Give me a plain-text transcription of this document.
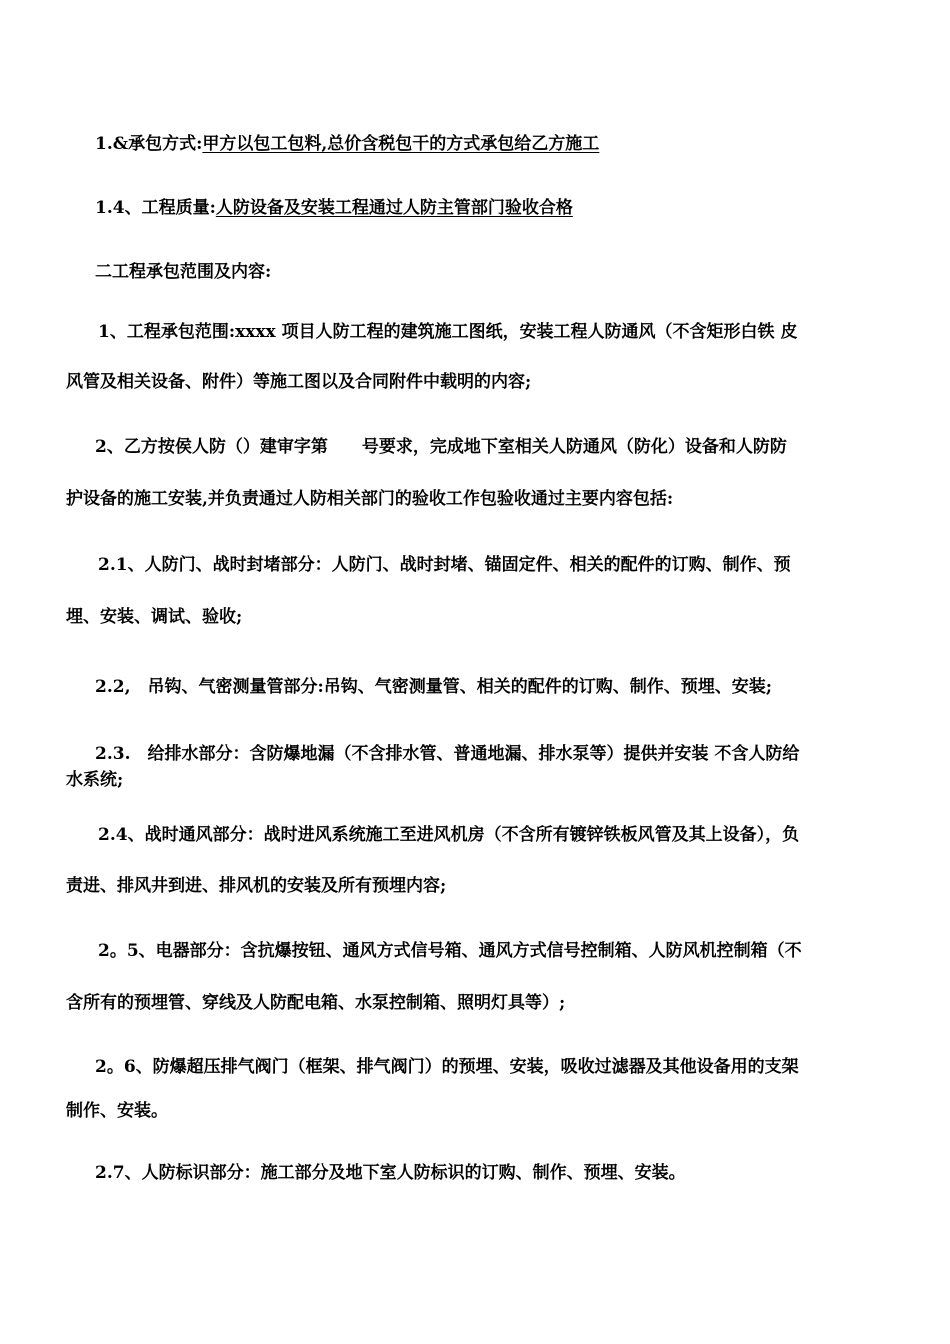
1.&承包方式:甲方以包工包料,总价含税包干的方式承包给乙方施工
1.4、工程质量:人防设备及安装工程通过人防主管部门验收合格
二工程承包范围及内容:
1、工程承包范围:xxxx 项目人防工程的建筑施工图纸，安装工程人防通风（不含矩形白铁 皮
风管及相关设备、附件）等施工图以及合同附件中载明的内容;
2、乙方按侯人防（）建审字第　　号要求，完成地下室相关人防通风（防化）设备和人防防
护设备的施工安装,并负责通过人防相关部门的验收工作包验收通过主要内容包括:
2.1、人防门、战时封堵部分：人防门、战时封堵、锚固定件、相关的配件的订购、制作、预
埋、安装、调试、验收;
2.2,　吊钩、气密测量管部分:吊钩、气密测量管、相关的配件的订购、制作、预埋、安装;
2.3.　给排水部分：含防爆地漏（不含排水管、普通地漏、排水泵等）提供并安装 不含人防给
水系统;
2.4、战时通风部分：战时进风系统施工至进风机房（不含所有镀锌铁板风管及其上设备），负
责进、排风井到进、排风机的安装及所有预埋内容;
2。5、电器部分：含抗爆按钮、通风方式信号箱、通风方式信号控制箱、人防风机控制箱（不
含所有的预埋管、穿线及人防配电箱、水泵控制箱、照明灯具等）;
2。6、防爆超压排气阀门（框架、排气阀门）的预埋、安装，吸收过滤器及其他设备用的支架
制作、安装。
2.7、人防标识部分：施工部分及地下室人防标识的订购、制作、预埋、安装。
